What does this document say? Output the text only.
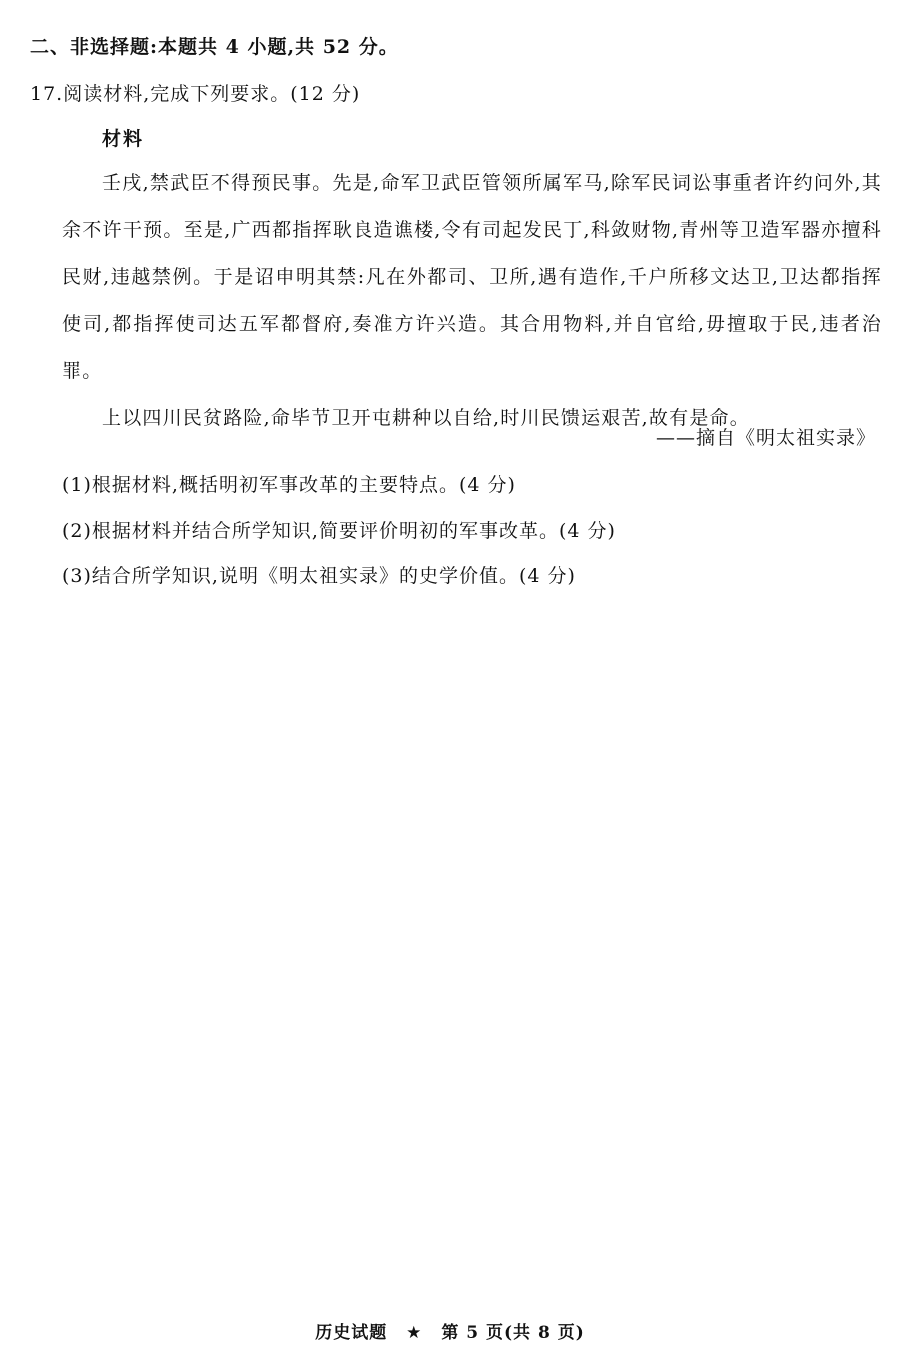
二、非选择题:本题共 4 小题,共 52 分。
17.阅读材料,完成下列要求。(12 分)
材料

壬戌,禁武臣不得预民事。先是,命军卫武臣管领所属军马,除军民词讼事重者许约问外,其余不许干预。至是,广西都指挥耿良造谯楼,令有司起发民丁,科敛财物,青州等卫造军器亦擅科民财,违越禁例。于是诏申明其禁:凡在外都司、卫所,遇有造作,千户所移文达卫,卫达都指挥使司,都指挥使司达五军都督府,奏准方许兴造。其合用物料,并自官给,毋擅取于民,违者治罪。

上以四川民贫路险,命毕节卫开屯耕种以自给,时川民馈运艰苦,故有是命。

——摘自《明太祖实录》
(1)根据材料,概括明初军事改革的主要特点。(4 分)
(2)根据材料并结合所学知识,简要评价明初的军事改革。(4 分)
(3)结合所学知识,说明《明太祖实录》的史学价值。(4 分)
历史试题 ★ 第 5 页(共 8 页)
